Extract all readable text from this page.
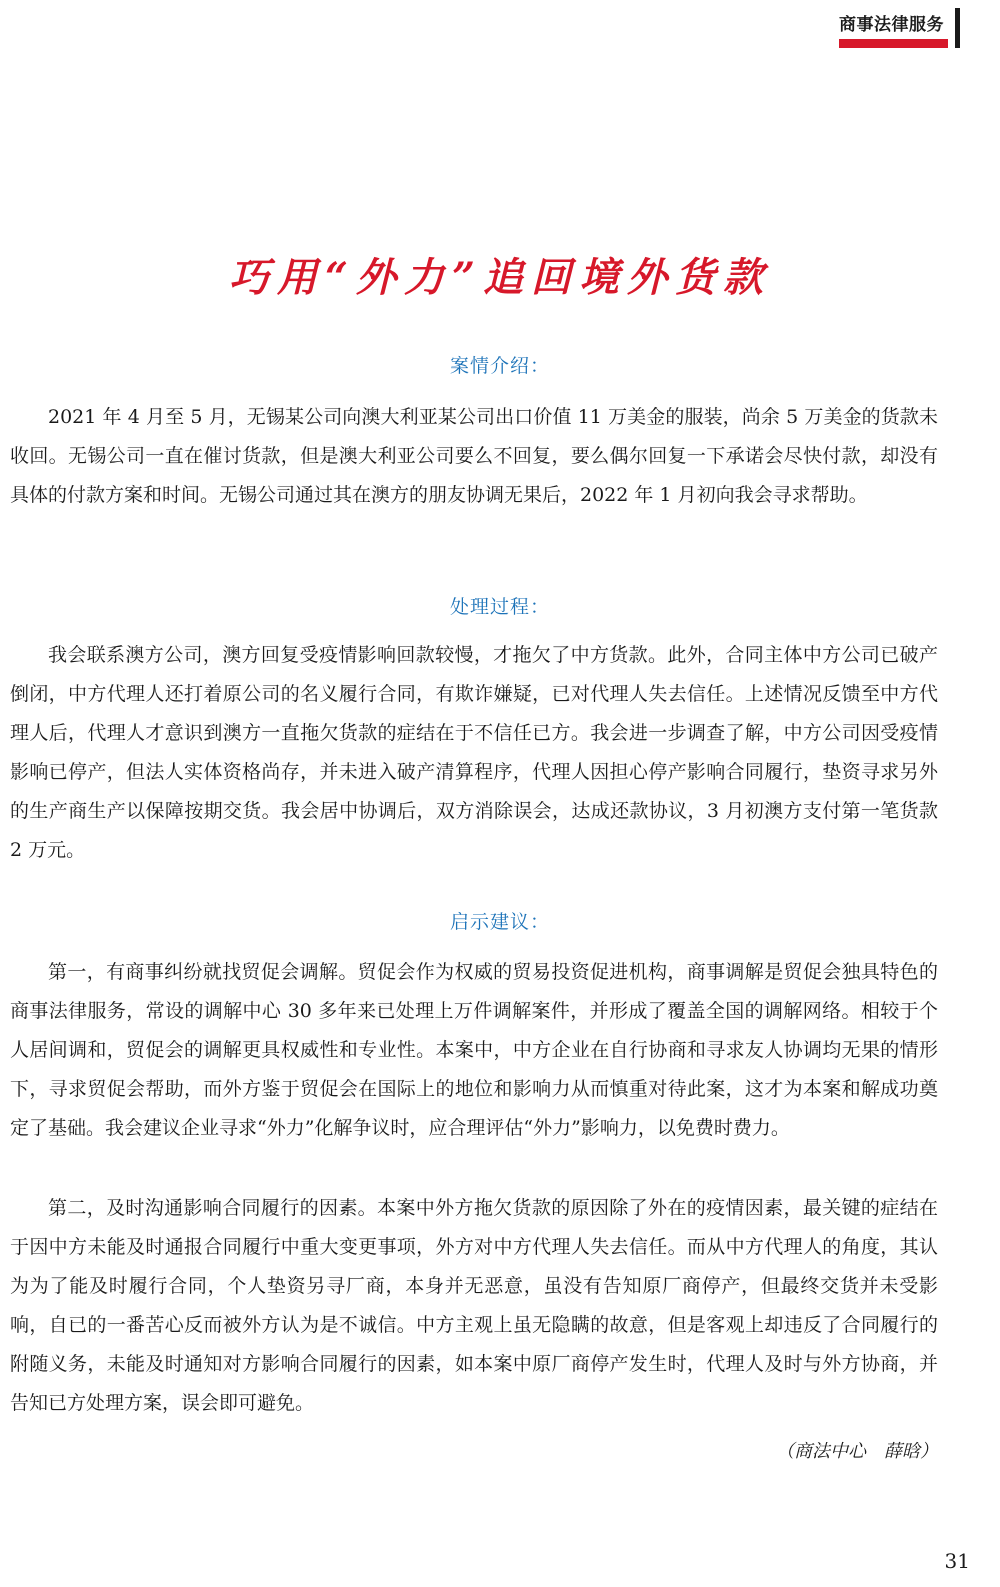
商事法律服务
巧用“外力”追回境外货款
案情介绍：
2021 年 4 月至 5 月，无锡某公司向澳大利亚某公司出口价值 11 万美金的服装，尚余 5 万美金的货款未收回。无锡公司一直在催讨货款，但是澳大利亚公司要么不回复，要么偶尔回复一下承诺会尽快付款，却没有具体的付款方案和时间。无锡公司通过其在澳方的朋友协调无果后，2022 年 1 月初向我会寻求帮助。
处理过程：
我会联系澳方公司，澳方回复受疫情影响回款较慢，才拖欠了中方货款。此外，合同主体中方公司已破产倒闭，中方代理人还打着原公司的名义履行合同，有欺诈嫌疑，已对代理人失去信任。上述情况反馈至中方代理人后，代理人才意识到澳方一直拖欠货款的症结在于不信任已方。我会进一步调查了解，中方公司因受疫情影响已停产，但法人实体资格尚存，并未进入破产清算程序，代理人因担心停产影响合同履行，垫资寻求另外的生产商生产以保障按期交货。我会居中协调后，双方消除误会，达成还款协议，3 月初澳方支付第一笔货款 2 万元。
启示建议：
第一，有商事纠纷就找贸促会调解。贸促会作为权威的贸易投资促进机构，商事调解是贸促会独具特色的商事法律服务，常设的调解中心 30 多年来已处理上万件调解案件，并形成了覆盖全国的调解网络。相较于个人居间调和，贸促会的调解更具权威性和专业性。本案中，中方企业在自行协商和寻求友人协调均无果的情形下，寻求贸促会帮助，而外方鉴于贸促会在国际上的地位和影响力从而慎重对待此案，这才为本案和解成功奠定了基础。我会建议企业寻求“外力”化解争议时，应合理评估“外力”影响力，以免费时费力。
第二，及时沟通影响合同履行的因素。本案中外方拖欠货款的原因除了外在的疫情因素，最关键的症结在于因中方未能及时通报合同履行中重大变更事项，外方对中方代理人失去信任。而从中方代理人的角度，其认为为了能及时履行合同，个人垫资另寻厂商，本身并无恶意，虽没有告知原厂商停产，但最终交货并未受影响，自已的一番苦心反而被外方认为是不诚信。中方主观上虽无隐瞒的故意，但是客观上却违反了合同履行的附随义务，未能及时通知对方影响合同履行的因素，如本案中原厂商停产发生时，代理人及时与外方协商，并告知已方处理方案，误会即可避免。
（商法中心　薛晗）
31
